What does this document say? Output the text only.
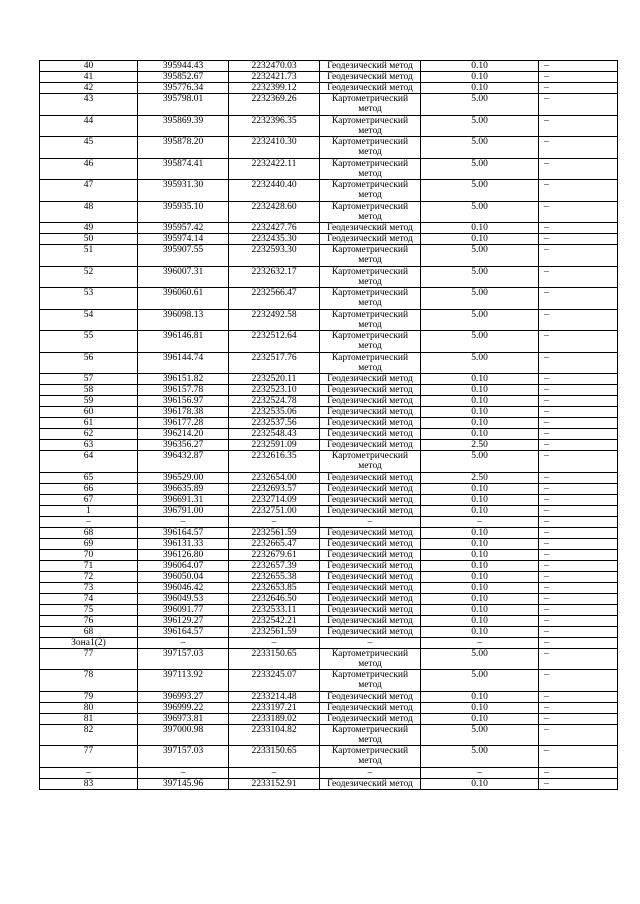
40	395944.43	2232470.03	Геодезический метод	0.10	–
41	395852.67	2232421.73	Геодезический метод	0.10	–
42	395776.34	2232399.12	Геодезический метод	0.10	–
43	395798.01	2232369.26	Картометрический метод	5.00	–
44	395869.39	2232396.35	Картометрический метод	5.00	–
45	395878.20	2232410.30	Картометрический метод	5.00	–
46	395874.41	2232422.11	Картометрический метод	5.00	–
47	395931.30	2232440.40	Картометрический метод	5.00	–
48	395935.10	2232428.60	Картометрический метод	5.00	–
49	395957.42	2232427.76	Геодезический метод	0.10	–
50	395974.14	2232435.30	Геодезический метод	0.10	–
51	395907.55	2232593.30	Картометрический метод	5.00	–
52	396007.31	2232632.17	Картометрический метод	5.00	–
53	396060.61	2232566.47	Картометрический метод	5.00	–
54	396098.13	2232492.58	Картометрический метод	5.00	–
55	396146.81	2232512.64	Картометрический метод	5.00	–
56	396144.74	2232517.76	Картометрический метод	5.00	–
57	396151.82	2232520.11	Геодезический метод	0.10	–
58	396157.78	2232523.10	Геодезический метод	0.10	–
59	396156.97	2232524.78	Геодезический метод	0.10	–
60	396178.38	2232535.06	Геодезический метод	0.10	–
61	396177.28	2232537.56	Геодезический метод	0.10	–
62	396214.20	2232548.43	Геодезический метод	0.10	–
63	396356.27	2232591.09	Геодезический метод	2.50	–
64	396432.87	2232616.35	Картометрический метод	5.00	–
65	396529.00	2232654.00	Геодезический метод	2.50	–
66	396635.89	2232693.57	Геодезический метод	0.10	–
67	396691.31	2232714.09	Геодезический метод	0.10	–
1	396791.00	2232751.00	Геодезический метод	0.10	–
–	–	–	–	–	–
68	396164.57	2232561.59	Геодезический метод	0.10	–
69	396131.33	2232665.47	Геодезический метод	0.10	–
70	396126.80	2232679.61	Геодезический метод	0.10	–
71	396064.07	2232657.39	Геодезический метод	0.10	–
72	396050.04	2232655.38	Геодезический метод	0.10	–
73	396046.42	2232653.85	Геодезический метод	0.10	–
74	396049.53	2232646.50	Геодезический метод	0.10	–
75	396091.77	2232533.11	Геодезический метод	0.10	–
76	396129.27	2232542.21	Геодезический метод	0.10	–
68	396164.57	2232561.59	Геодезический метод	0.10	–
Зона1(2)	–	–	–	–	–
77	397157.03	2233150.65	Картометрический метод	5.00	–
78	397113.92	2233245.07	Картометрический метод	5.00	–
79	396993.27	2233214.48	Геодезический метод	0.10	–
80	396999.22	2233197.21	Геодезический метод	0.10	–
81	396973.81	2233189.02	Геодезический метод	0.10	–
82	397000.98	2233104.82	Картометрический метод	5.00	–
77	397157.03	2233150.65	Картометрический метод	5.00	–
–	–	–	–	–	–
83	397145.96	2233152.91	Геодезический метод	0.10	–
